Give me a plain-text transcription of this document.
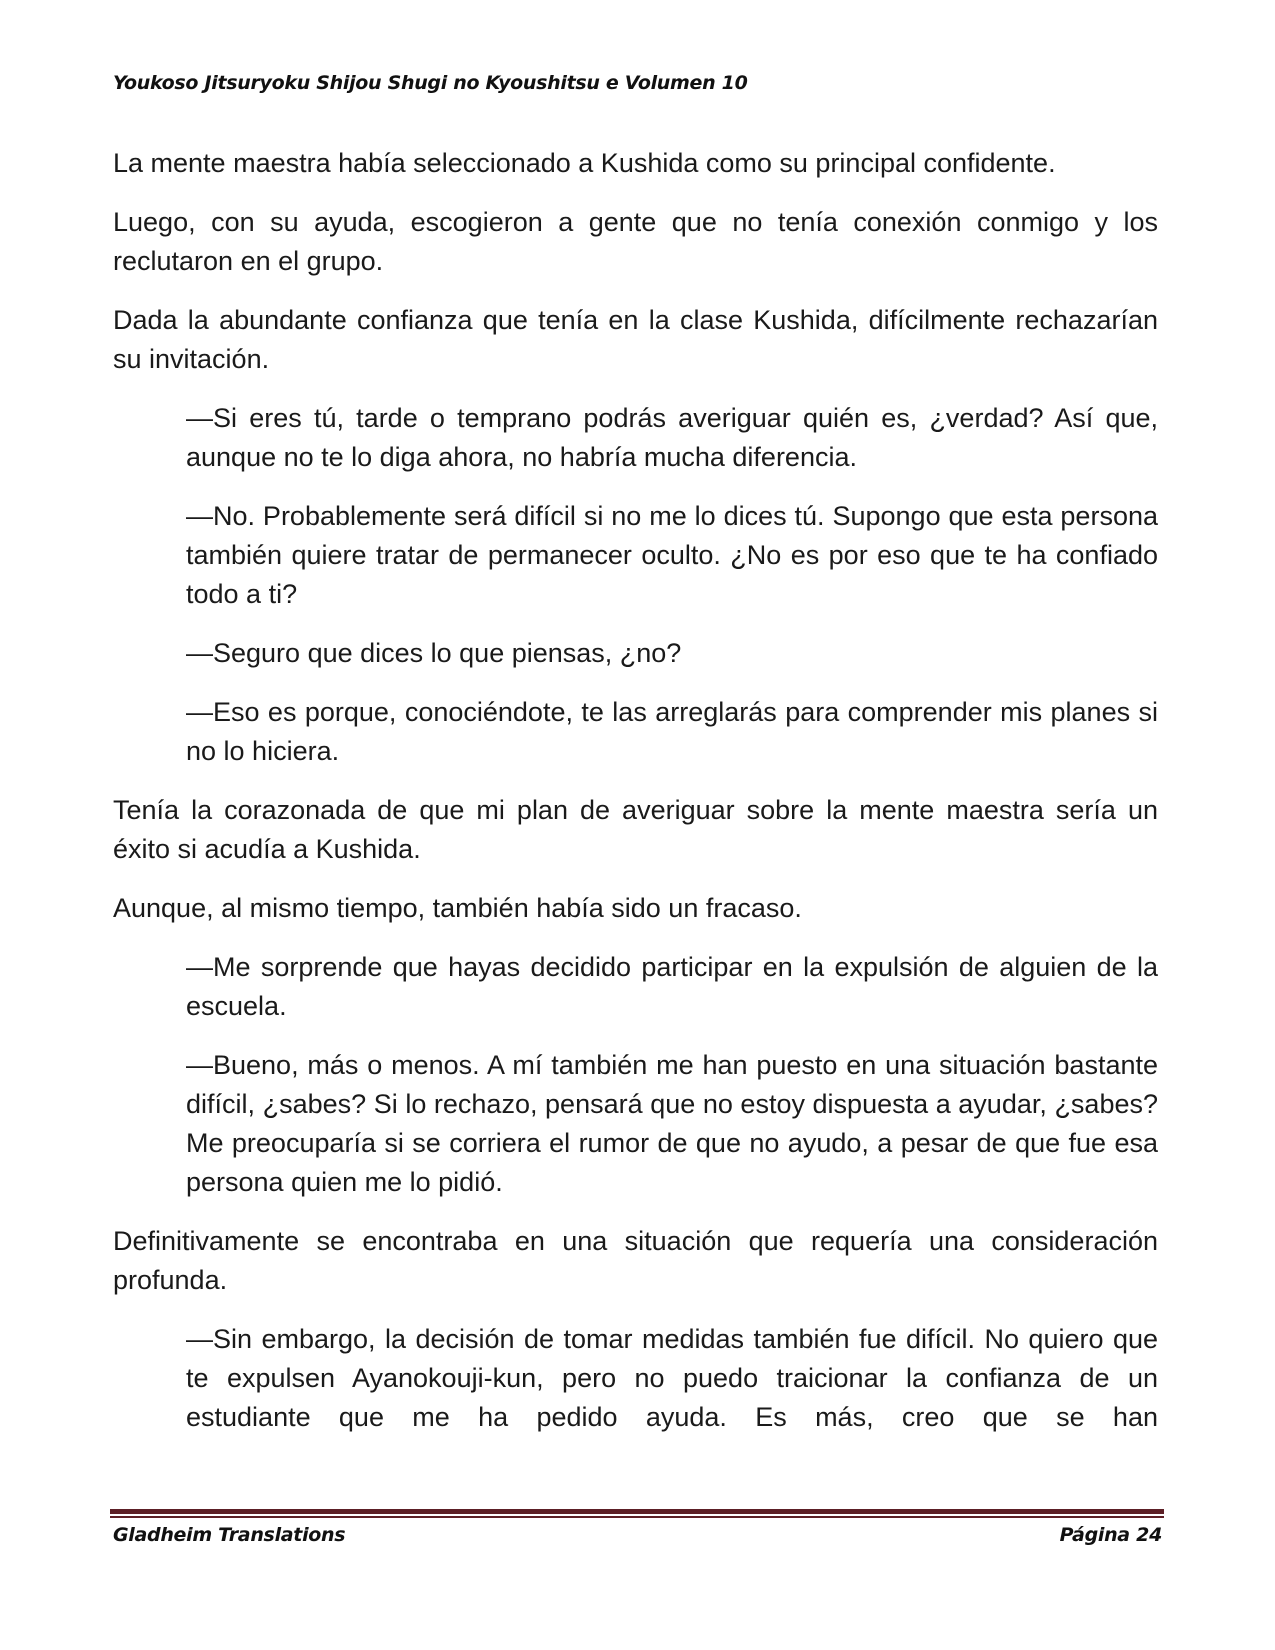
Youkoso Jitsuryoku Shijou Shugi no Kyoushitsu e Volumen 10

La mente maestra había seleccionado a Kushida como su principal confidente.

Luego, con su ayuda, escogieron a gente que no tenía conexión conmigo y los reclutaron en el grupo.

Dada la abundante confianza que tenía en la clase Kushida, difícilmente rechazarían su invitación.

—Si eres tú, tarde o temprano podrás averiguar quién es, ¿verdad? Así que, aunque no te lo diga ahora, no habría mucha diferencia.

—No. Probablemente será difícil si no me lo dices tú. Supongo que esta persona también quiere tratar de permanecer oculto. ¿No es por eso que te ha confiado todo a ti?

—Seguro que dices lo que piensas, ¿no?

—Eso es porque, conociéndote, te las arreglarás para comprender mis planes si no lo hiciera.

Tenía la corazonada de que mi plan de averiguar sobre la mente maestra sería un éxito si acudía a Kushida.

Aunque, al mismo tiempo, también había sido un fracaso.

—Me sorprende que hayas decidido participar en la expulsión de alguien de la escuela.

—Bueno, más o menos. A mí también me han puesto en una situación bastante difícil, ¿sabes? Si lo rechazo, pensará que no estoy dispuesta a ayudar, ¿sabes? Me preocuparía si se corriera el rumor de que no ayudo, a pesar de que fue esa persona quien me lo pidió.

Definitivamente se encontraba en una situación que requería una consideración profunda.

—Sin embargo, la decisión de tomar medidas también fue difícil. No quiero que te expulsen Ayanokouji-kun, pero no puedo traicionar la confianza de un estudiante que me ha pedido ayuda. Es más, creo que se han

Gladheim Translations	Página 24
